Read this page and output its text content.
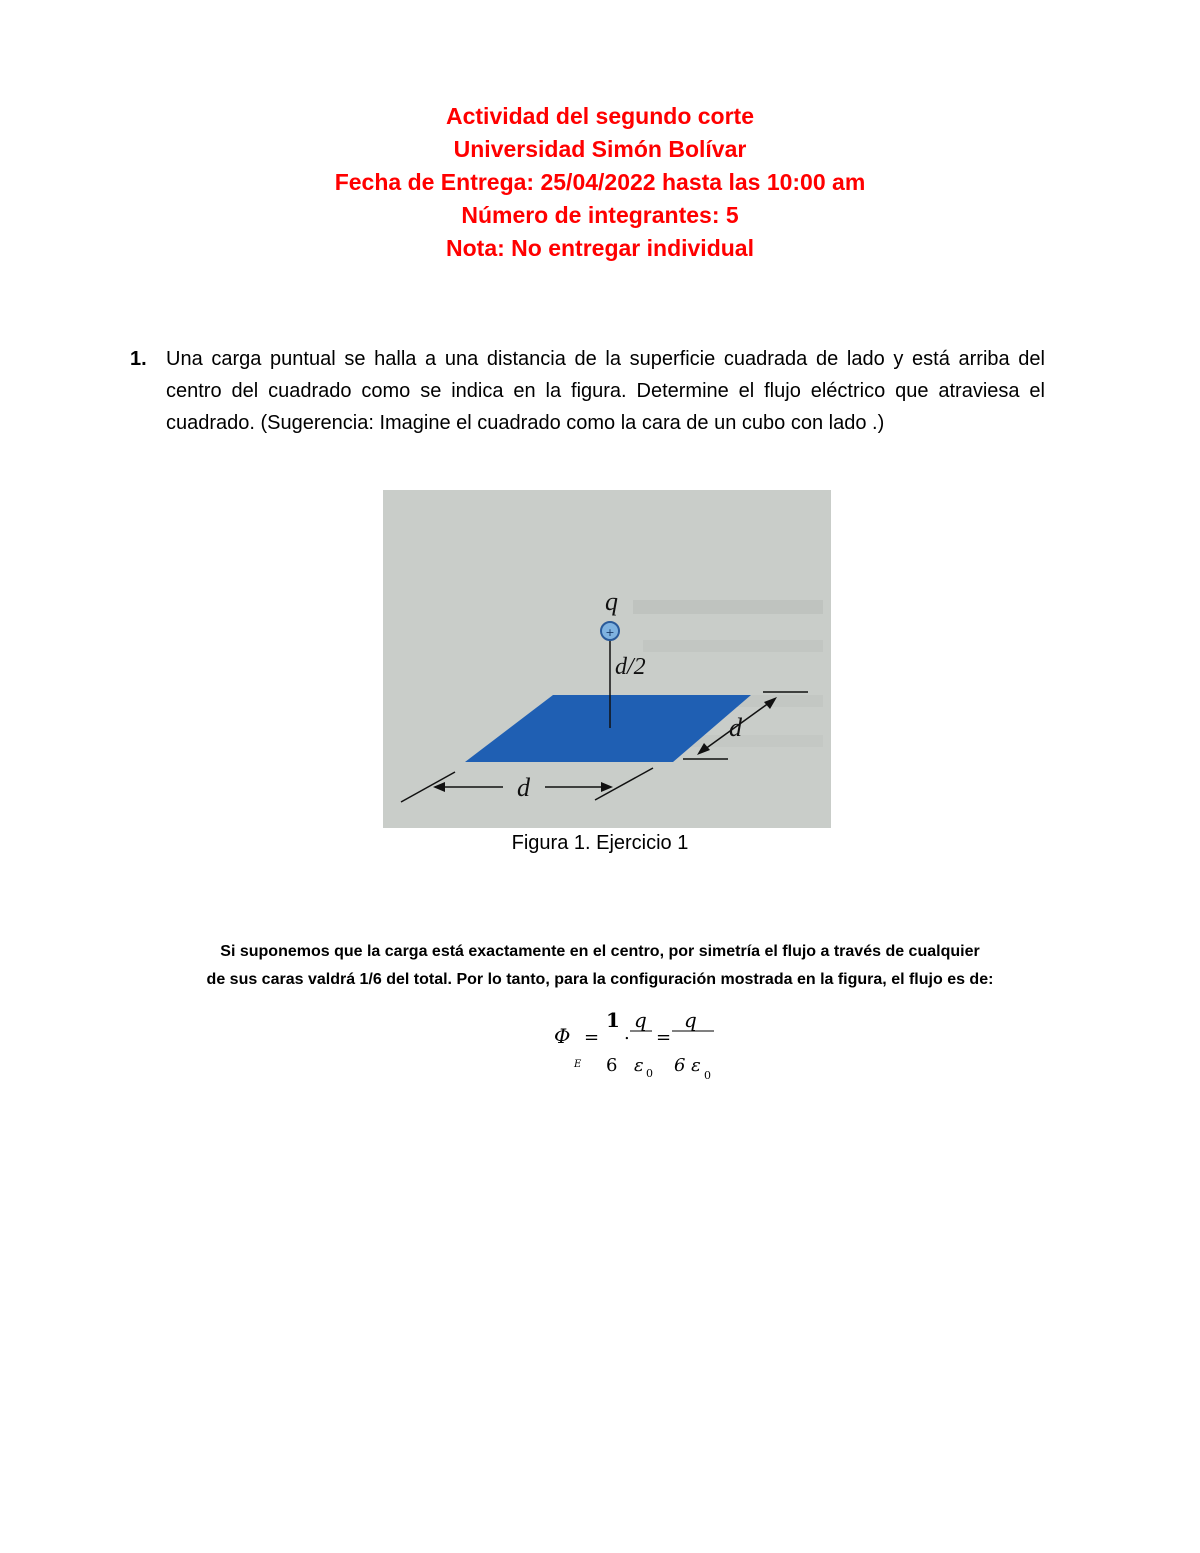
Actividad del segundo corte
Universidad Simón Bolívar
Fecha de Entrega: 25/04/2022 hasta las 10:00 am
Número de integrantes: 5
Nota: No entregar individual
1. Una carga puntual se halla a una distancia de la superficie cuadrada de lado y está arriba del centro del cuadrado como se indica en la figura. Determine el flujo eléctrico que atraviesa el cuadrado. (Sugerencia: Imagine el cuadrado como la cara de un cubo con lado .)
+
q
d/2
d
d
Figura 1. Ejercicio 1
Si suponemos que la carga está exactamente en el centro, por simetría el flujo a través de cualquier
de sus caras valdrá 1/6 del total. Por lo tanto, para la configuración mostrada en la figura, el flujo es de:
Φ
E
=
1
6
.
q
ε 0
=
q
6 ε 0
